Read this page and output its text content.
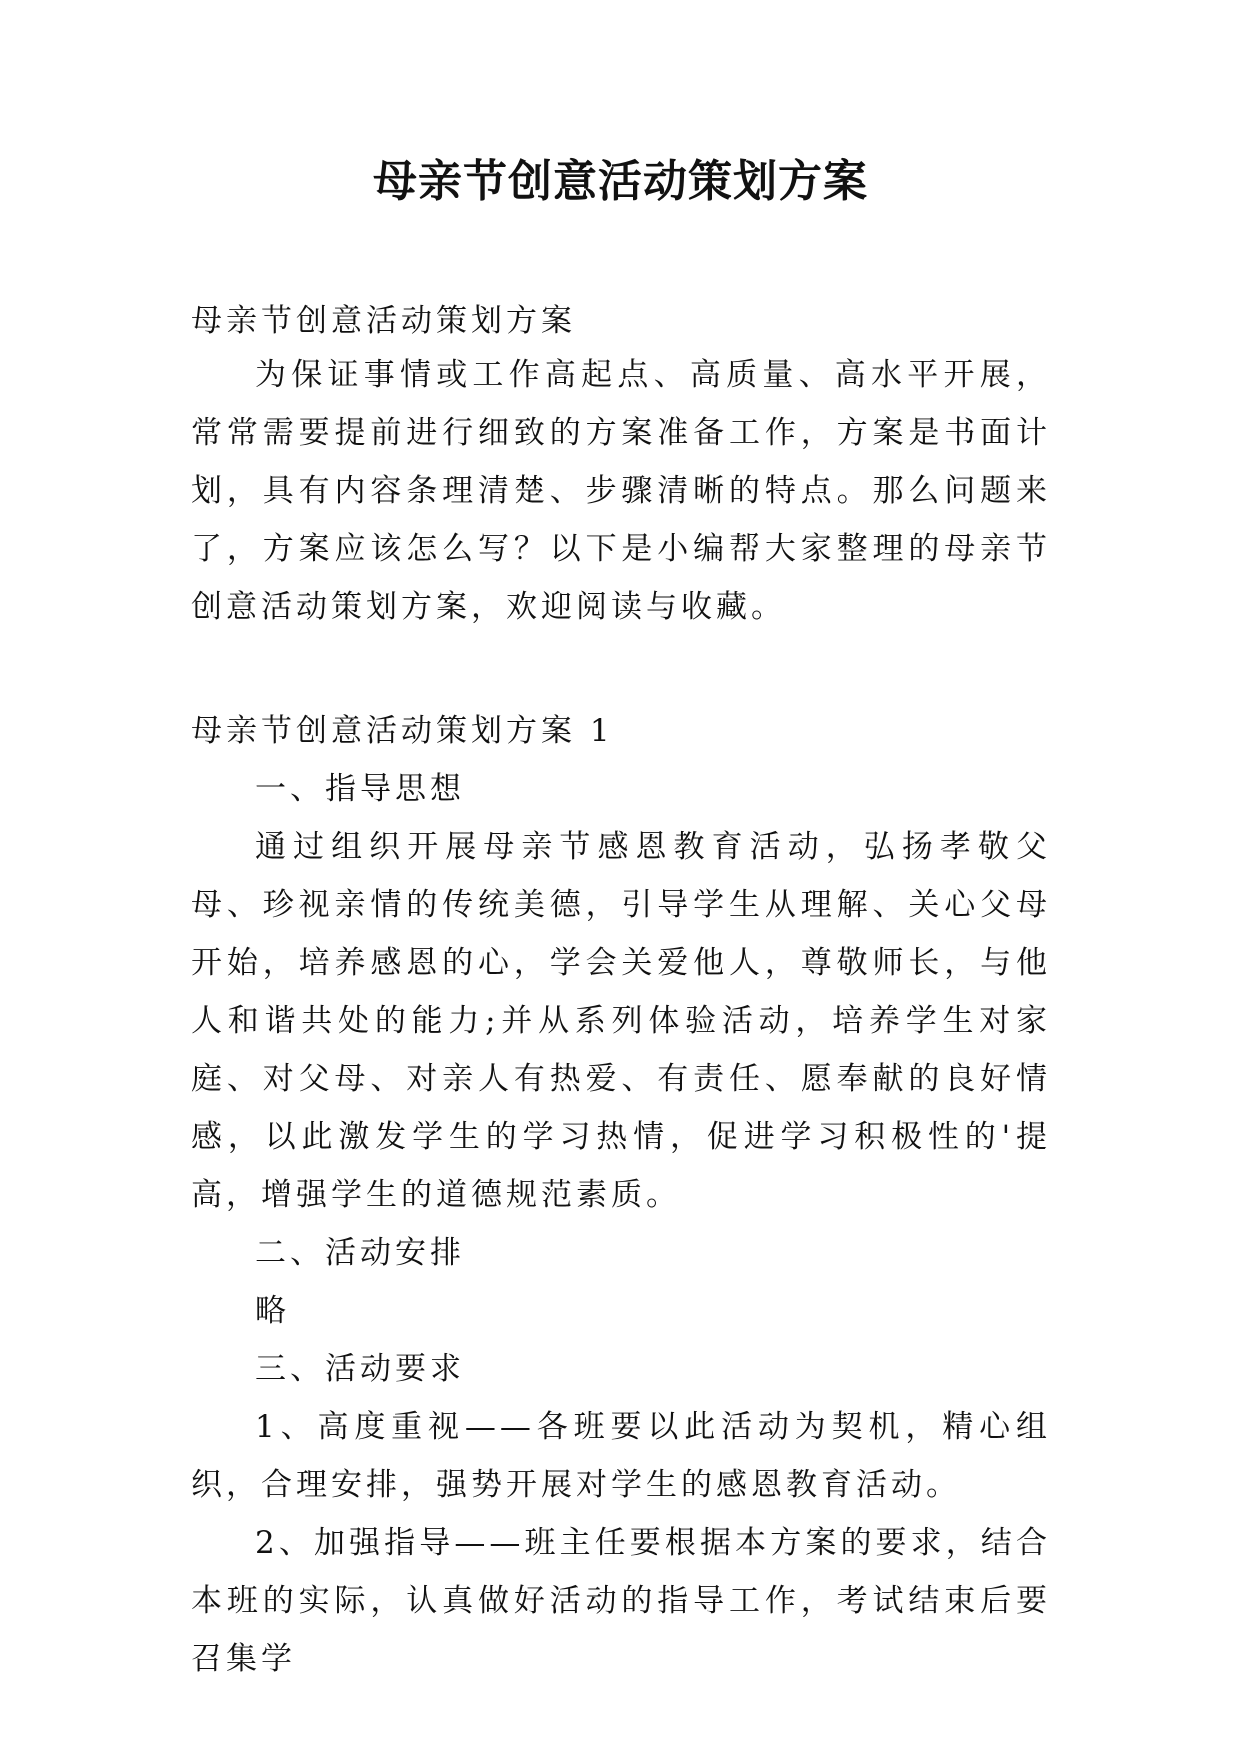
母亲节创意活动策划方案

母亲节创意活动策划方案

为保证事情或工作高起点、高质量、高水平开展，常常需要提前进行细致的方案准备工作，方案是书面计划，具有内容条理清楚、步骤清晰的特点。那么问题来了，方案应该怎么写？以下是小编帮大家整理的母亲节创意活动策划方案，欢迎阅读与收藏。

母亲节创意活动策划方案 1

一、指导思想

通过组织开展母亲节感恩教育活动，弘扬孝敬父母、珍视亲情的传统美德，引导学生从理解、关心父母开始，培养感恩的心，学会关爱他人，尊敬师长，与他人和谐共处的能力;并从系列体验活动，培养学生对家庭、对父母、对亲人有热爱、有责任、愿奉献的良好情感，以此激发学生的学习热情，促进学习积极性的'提高，增强学生的道德规范素质。

二、活动安排

略

三、活动要求

1、高度重视——各班要以此活动为契机，精心组织，合理安排，强势开展对学生的感恩教育活动。

2、加强指导——班主任要根据本方案的要求，结合本班的实际，认真做好活动的指导工作，考试结束后要召集学
